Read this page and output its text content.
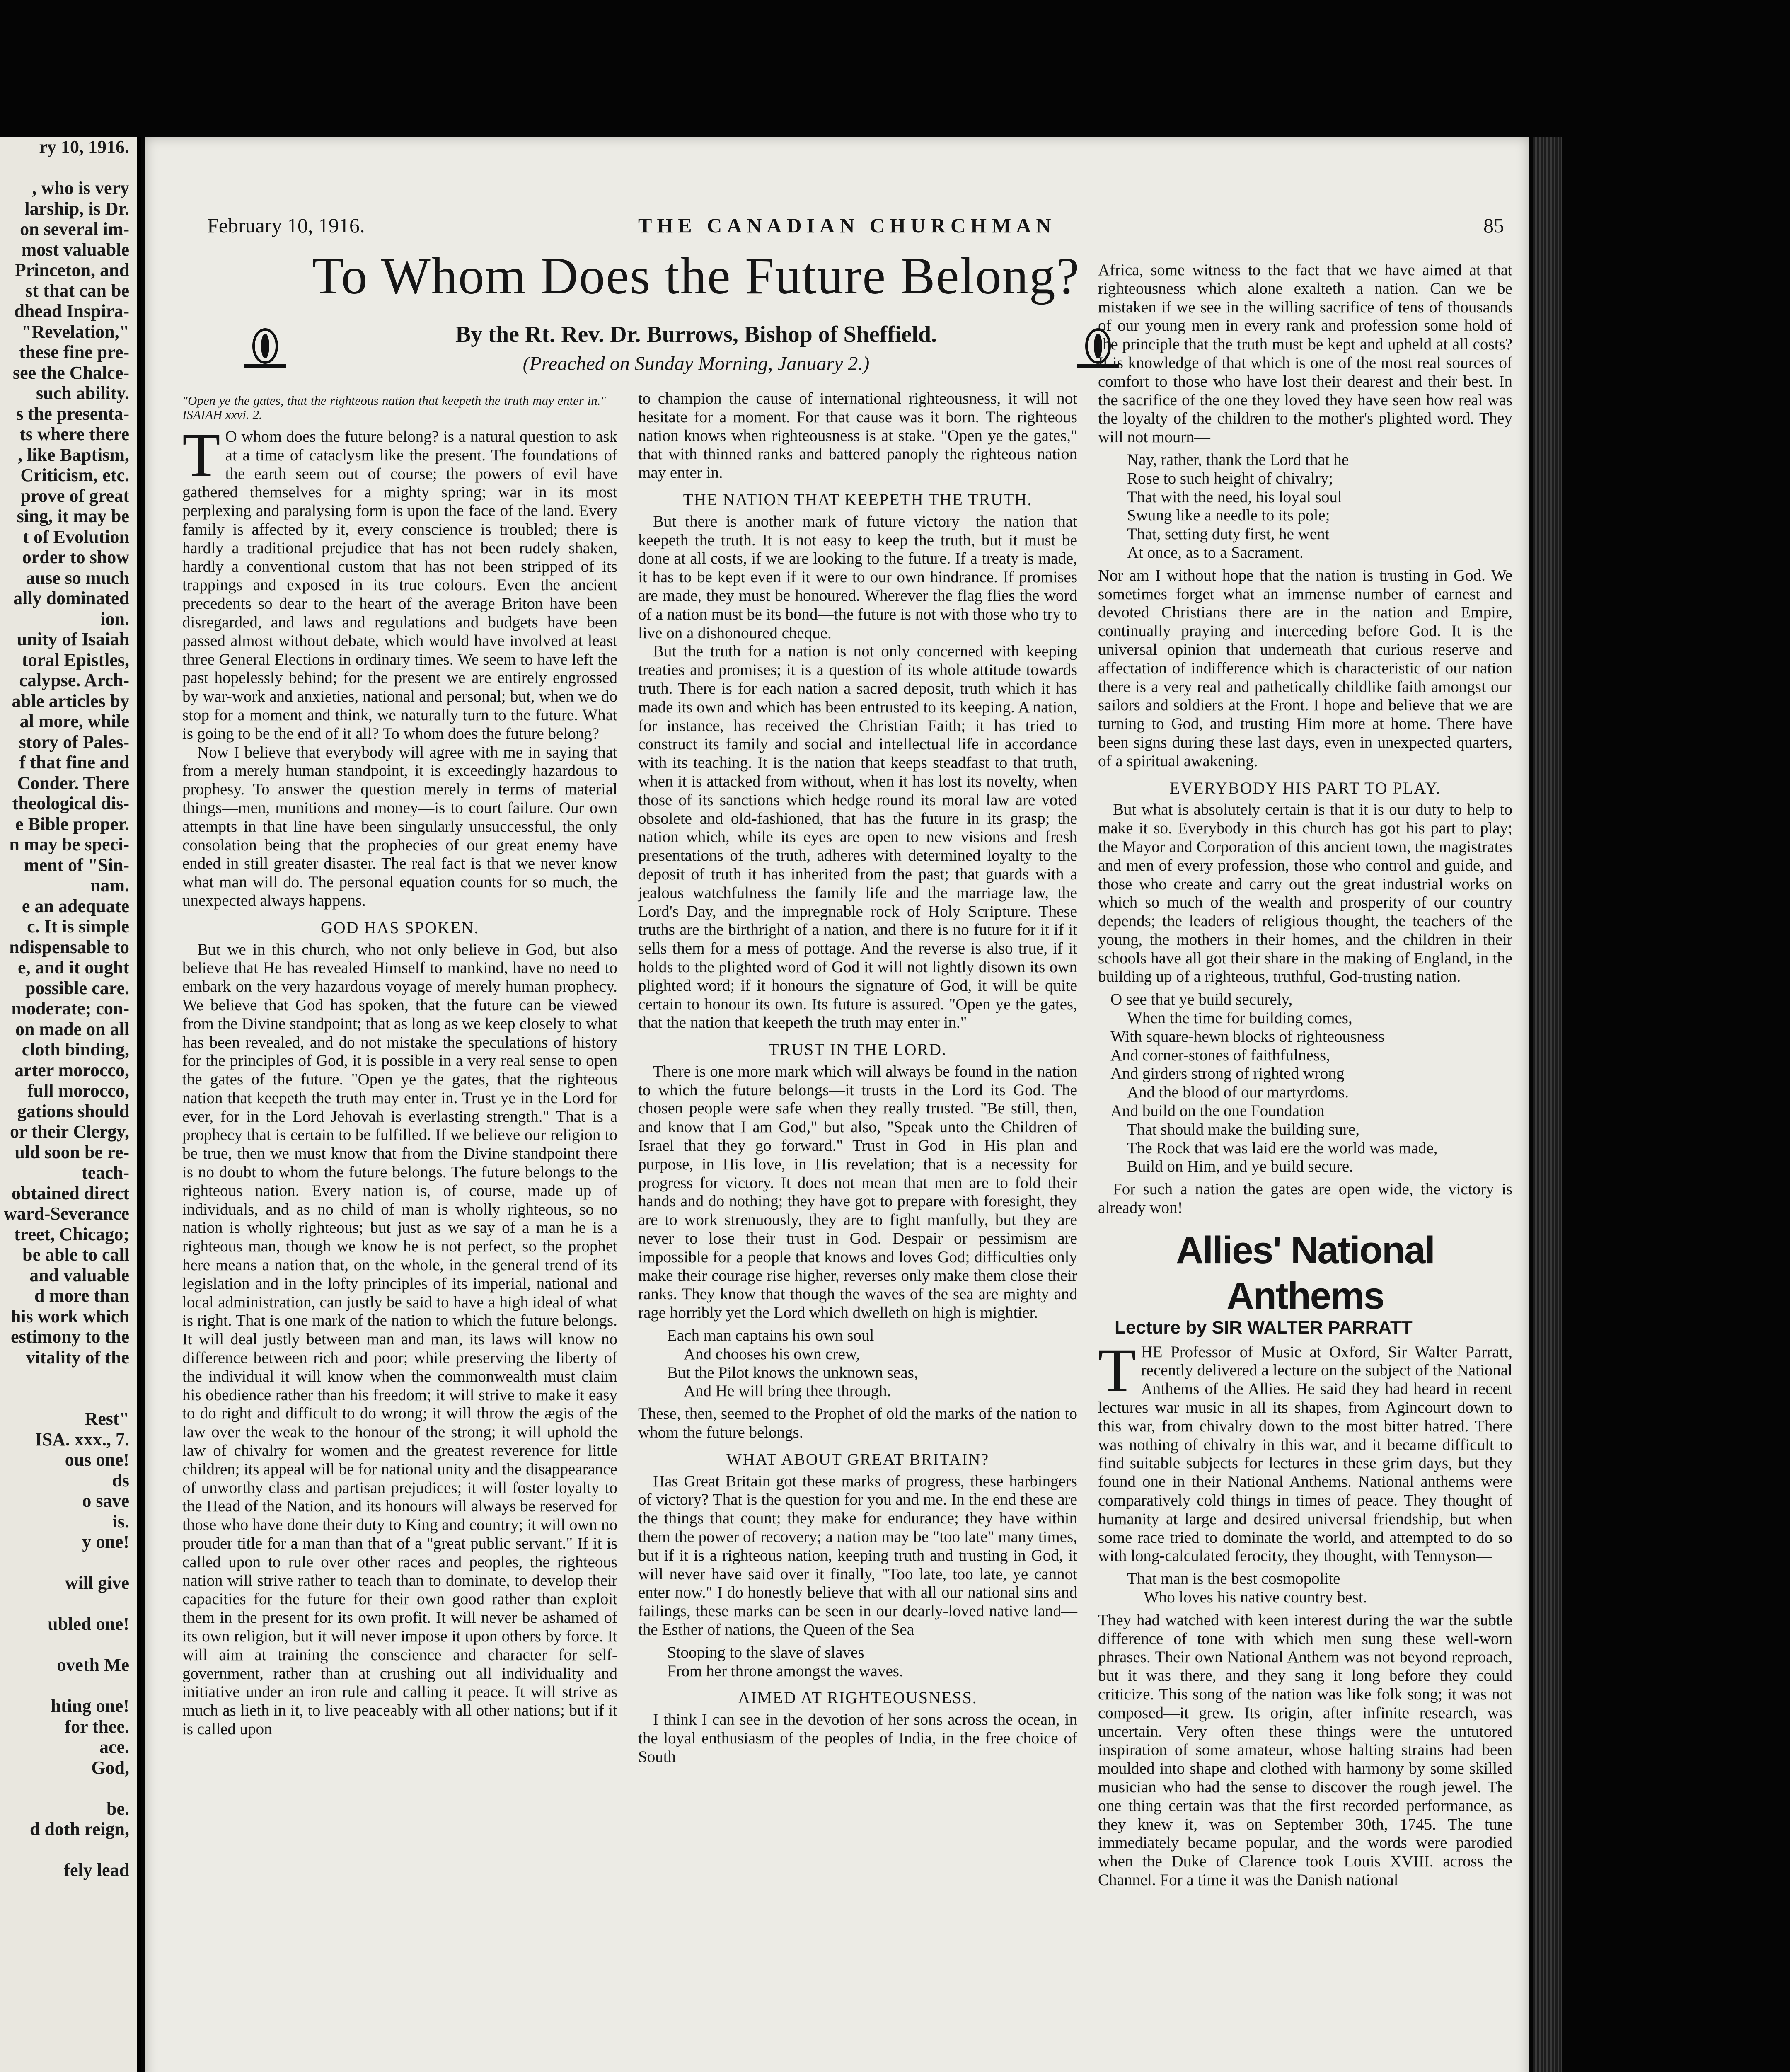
ry 10, 1916.

, who is very
larship, is Dr.
on several im-
most valuable
Princeton, and
st that can be
dhead Inspira-
"Revelation,"
these fine pre-
see the Chalce-
such ability.
s the presenta-
ts where there
, like Baptism,
Criticism, etc.
prove of great
sing, it may be
t of Evolution
order to show
ause so much
ally dominated
ion.
unity of Isaiah
toral Epistles,
calypse. Arch-
able articles by
al more, while
story of Pales-
f that fine and
Conder. There
theological dis-
e Bible proper.
n may be speci-
ment of "Sin-
nam.
e an adequate
c. It is simple
ndispensable to
e, and it ought
possible care.
moderate; con-
on made on all
cloth binding,
arter morocco,
full morocco,
gations should
or their Clergy,
uld soon be re-
teach-
obtained direct
ward-Severance
treet, Chicago;
be able to call
and valuable
d more than
his work which
estimony to the
vitality of the

Rest"
ISA. xxx., 7.
ous one!
ds
o save
is.
y one!

will give

ubled one!

oveth Me

hting one!
for thee.
ace.
God,

be.
d doth reign,

fely lead
February 10, 1916.	THE CANADIAN CHURCHMAN	85
To Whom Does the Future Belong?
By the Rt. Rev. Dr. Burrows, Bishop of Sheffield.
(Preached on Sunday Morning, January 2.)
"Open ye the gates, that the righteous nation that keepeth the truth may enter in."—ISAIAH xxvi. 2.

T O whom does the future belong? is a natural question to ask at a time of cataclysm like the present. The foundations of the earth seem out of course; the powers of evil have gathered themselves for a mighty spring; war in its most perplexing and paralysing form is upon the face of the land. Every family is affected by it, every conscience is troubled; there is hardly a traditional prejudice that has not been rudely shaken, hardly a conventional custom that has not been stripped of its trappings and exposed in its true colours. Even the ancient precedents so dear to the heart of the average Briton have been disregarded, and laws and regulations and budgets have been passed almost without debate, which would have involved at least three General Elections in ordinary times. We seem to have left the past hopelessly behind; for the present we are entirely engrossed by war-work and anxieties, national and personal; but, when we do stop for a moment and think, we naturally turn to the future. What is going to be the end of it all? To whom does the future belong?

Now I believe that everybody will agree with me in saying that from a merely human standpoint, it is exceedingly hazardous to prophesy. To answer the question merely in terms of material things—men, munitions and money—is to court failure. Our own attempts in that line have been singularly unsuccessful, the only consolation being that the prophecies of our great enemy have ended in still greater disaster. The real fact is that we never know what man will do. The personal equation counts for so much, the unexpected always happens.

GOD HAS SPOKEN.

But we in this church, who not only believe in God, but also believe that He has revealed Himself to mankind, have no need to embark on the very hazardous voyage of merely human prophecy. We believe that God has spoken, that the future can be viewed from the Divine standpoint; that as long as we keep closely to what has been revealed, and do not mistake the speculations of history for the principles of God, it is possible in a very real sense to open the gates of the future. "Open ye the gates, that the righteous nation that keepeth the truth may enter in. Trust ye in the Lord for ever, for in the Lord Jehovah is everlasting strength." That is a prophecy that is certain to be fulfilled. If we believe our religion to be true, then we must know that from the Divine standpoint there is no doubt to whom the future belongs. The future belongs to the righteous nation. Every nation is, of course, made up of individuals, and as no child of man is wholly righteous, so no nation is wholly righteous; but just as we say of a man he is a righteous man, though we know he is not perfect, so the prophet here means a nation that, on the whole, in the general trend of its legislation and in the lofty principles of its imperial, national and local administration, can justly be said to have a high ideal of what is right. That is one mark of the nation to which the future belongs. It will deal justly between man and man, its laws will know no difference between rich and poor; while preserving the liberty of the individual it will know when the commonwealth must claim his obedience rather than his freedom; it will strive to make it easy to do right and difficult to do wrong; it will throw the ægis of the law over the weak to the honour of the strong; it will uphold the law of chivalry for women and the greatest reverence for little children; its appeal will be for national unity and the disappearance of unworthy class and partisan prejudices; it will foster loyalty to the Head of the Nation, and its honours will always be reserved for those who have done their duty to King and country; it will own no prouder title for a man than that of a "great public servant." If it is called upon to rule over other races and peoples, the righteous nation will strive rather to teach than to dominate, to develop their capacities for the future for their own good rather than exploit them in the present for its own profit. It will never be ashamed of its own religion, but it will never impose it upon others by force. It will aim at training the conscience and character for self-government, rather than at crushing out all individuality and initiative under an iron rule and calling it peace. It will strive as much as lieth in it, to live peaceably with all other nations; but if it is called upon

to champion the cause of international righteousness, it will not hesitate for a moment. For that cause was it born. The righteous nation knows when righteousness is at stake. "Open ye the gates," that with thinned ranks and battered panoply the righteous nation may enter in.

THE NATION THAT KEEPETH THE TRUTH.

But there is another mark of future victory—the nation that keepeth the truth. It is not easy to keep the truth, but it must be done at all costs, if we are looking to the future. If a treaty is made, it has to be kept even if it were to our own hindrance. If promises are made, they must be honoured. Wherever the flag flies the word of a nation must be its bond—the future is not with those who try to live on a dishonoured cheque.

But the truth for a nation is not only concerned with keeping treaties and promises; it is a question of its whole attitude towards truth. There is for each nation a sacred deposit, truth which it has made its own and which has been entrusted to its keeping. A nation, for instance, has received the Christian Faith; it has tried to construct its family and social and intellectual life in accordance with its teaching. It is the nation that keeps steadfast to that truth, when it is attacked from without, when it has lost its novelty, when those of its sanctions which hedge round its moral law are voted obsolete and old-fashioned, that has the future in its grasp; the nation which, while its eyes are open to new visions and fresh presentations of the truth, adheres with determined loyalty to the deposit of truth it has inherited from the past; that guards with a jealous watchfulness the family life and the marriage law, the Lord's Day, and the impregnable rock of Holy Scripture. These truths are the birthright of a nation, and there is no future for it if it sells them for a mess of pottage. And the reverse is also true, if it holds to the plighted word of God it will not lightly disown its own plighted word; if it honours the signature of God, it will be quite certain to honour its own. Its future is assured. "Open ye the gates, that the nation that keepeth the truth may enter in."

TRUST IN THE LORD.

There is one more mark which will always be found in the nation to which the future belongs—it trusts in the Lord its God. The chosen people were safe when they really trusted. "Be still, then, and know that I am God," but also, "Speak unto the Children of Israel that they go forward." Trust in God—in His plan and purpose, in His love, in His revelation; that is a necessity for progress for victory. It does not mean that men are to fold their hands and do nothing; they have got to prepare with foresight, they are to work strenuously, they are to fight manfully, but they are never to lose their trust in God. Despair or pessimism are impossible for a people that knows and loves God; difficulties only make their courage rise higher, reverses only make them close their ranks. They know that though the waves of the sea are mighty and rage horribly yet the Lord which dwelleth on high is mightier.

Each man captains his own soul
And chooses his own crew,
But the Pilot knows the unknown seas,
And He will bring thee through.

These, then, seemed to the Prophet of old the marks of the nation to whom the future belongs.

WHAT ABOUT GREAT BRITAIN?

Has Great Britain got these marks of progress, these harbingers of victory? That is the question for you and me. In the end these are the things that count; they make for endurance; they have within them the power of recovery; a nation may be "too late" many times, but if it is a righteous nation, keeping truth and trusting in God, it will never have said over it finally, "Too late, too late, ye cannot enter now." I do honestly believe that with all our national sins and failings, these marks can be seen in our dearly-loved native land—the Esther of nations, the Queen of the Sea—

Stooping to the slave of slaves
From her throne amongst the waves.
AIMED AT RIGHTEOUSNESS.

I think I can see in the devotion of her sons across the ocean, in the loyal enthusiasm of the peoples of India, in the free choice of South

Africa, some witness to the fact that we have aimed at that righteousness which alone exalteth a nation. Can we be mistaken if we see in the willing sacrifice of tens of thousands of our young men in every rank and profession some hold of the principle that the truth must be kept and upheld at all costs? It is knowledge of that which is one of the most real sources of comfort to those who have lost their dearest and their best. In the sacrifice of the one they loved they have seen how real was the loyalty of the children to the mother's plighted word. They will not mourn—

Nay, rather, thank the Lord that he
Rose to such height of chivalry;
That with the need, his loyal soul
Swung like a needle to its pole;
That, setting duty first, he went
At once, as to a Sacrament.

Nor am I without hope that the nation is trusting in God. We sometimes forget what an immense number of earnest and devoted Christians there are in the nation and Empire, continually praying and interceding before God. It is the universal opinion that underneath that curious reserve and affectation of indifference which is characteristic of our nation there is a very real and pathetically childlike faith amongst our sailors and soldiers at the Front. I hope and believe that we are turning to God, and trusting Him more at home. There have been signs during these last days, even in unexpected quarters, of a spiritual awakening.

EVERYBODY HIS PART TO PLAY.

But what is absolutely certain is that it is our duty to help to make it so. Everybody in this church has got his part to play; the Mayor and Corporation of this ancient town, the magistrates and men of every profession, those who control and guide, and those who create and carry out the great industrial works on which so much of the wealth and prosperity of our country depends; the leaders of religious thought, the teachers of the young, the mothers in their homes, and the children in their schools have all got their share in the making of England, in the building up of a righteous, truthful, God-trusting nation.

O see that ye build securely,
When the time for building comes,
With square-hewn blocks of righteousness
And corner-stones of faithfulness,
And girders strong of righted wrong
And the blood of our martyrdoms.
And build on the one Foundation
That should make the building sure,
The Rock that was laid ere the world was made,
Build on Him, and ye build secure.

For such a nation the gates are open wide, the victory is already won!

Allies' National Anthems
Lecture by SIR WALTER PARRATT

THE Professor of Music at Oxford, Sir Walter Parratt, recently delivered a lecture on the subject of the National Anthems of the Allies. He said they had heard in recent lectures war music in all its shapes, from Agincourt down to this war, from chivalry down to the most bitter hatred. There was nothing of chivalry in this war, and it became difficult to find suitable subjects for lectures in these grim days, but they found one in their National Anthems. National anthems were comparatively cold things in times of peace. They thought of humanity at large and desired universal friendship, but when some race tried to dominate the world, and attempted to do so with long-calculated ferocity, they thought, with Tennyson—

That man is the best cosmopolite
Who loves his native country best.

They had watched with keen interest during the war the subtle difference of tone with which men sung these well-worn phrases. Their own National Anthem was not beyond reproach, but it was there, and they sang it long before they could criticize. This song of the nation was like folk song; it was not composed—it grew. Its origin, after infinite research, was uncertain. Very often these things were the untutored inspiration of some amateur, whose halting strains had been moulded into shape and clothed with harmony by some skilled musician who had the sense to discover the rough jewel. The one thing certain was that the first recorded performance, as they knew it, was on September 30th, 1745. The tune immediately became popular, and the words were parodied when the Duke of Clarence took Louis XVIII. across the Channel. For a time it was the Danish national
